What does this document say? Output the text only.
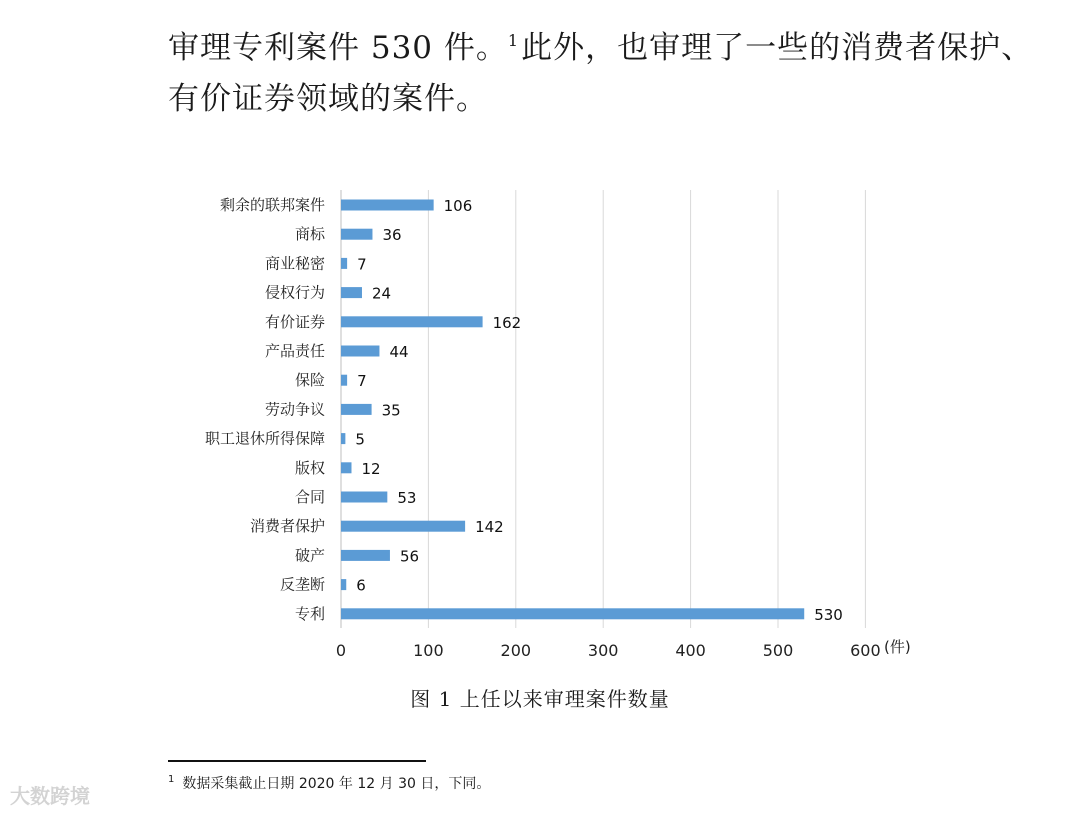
审理专利案件 530 件。$^1$此外，也审理了一些的消费者保护、

有价证券领域的案件。

剩余的联邦案件
商标
商业秘密
侵权行为
有价证券
产品责任
保险
劳动争议
职工退休所得保障
版权
合同
消费者保护
破产
反垄断
专利
106
36
7
24
162
44
7
35
5
12
53
142
56
6
530
0	100	200	300	400	500	600 (件)
图 1 上任以来审理案件数量
$^1$ 数据采集截止日期 2020 年 12 月 30 日，下同。
大数跨境
